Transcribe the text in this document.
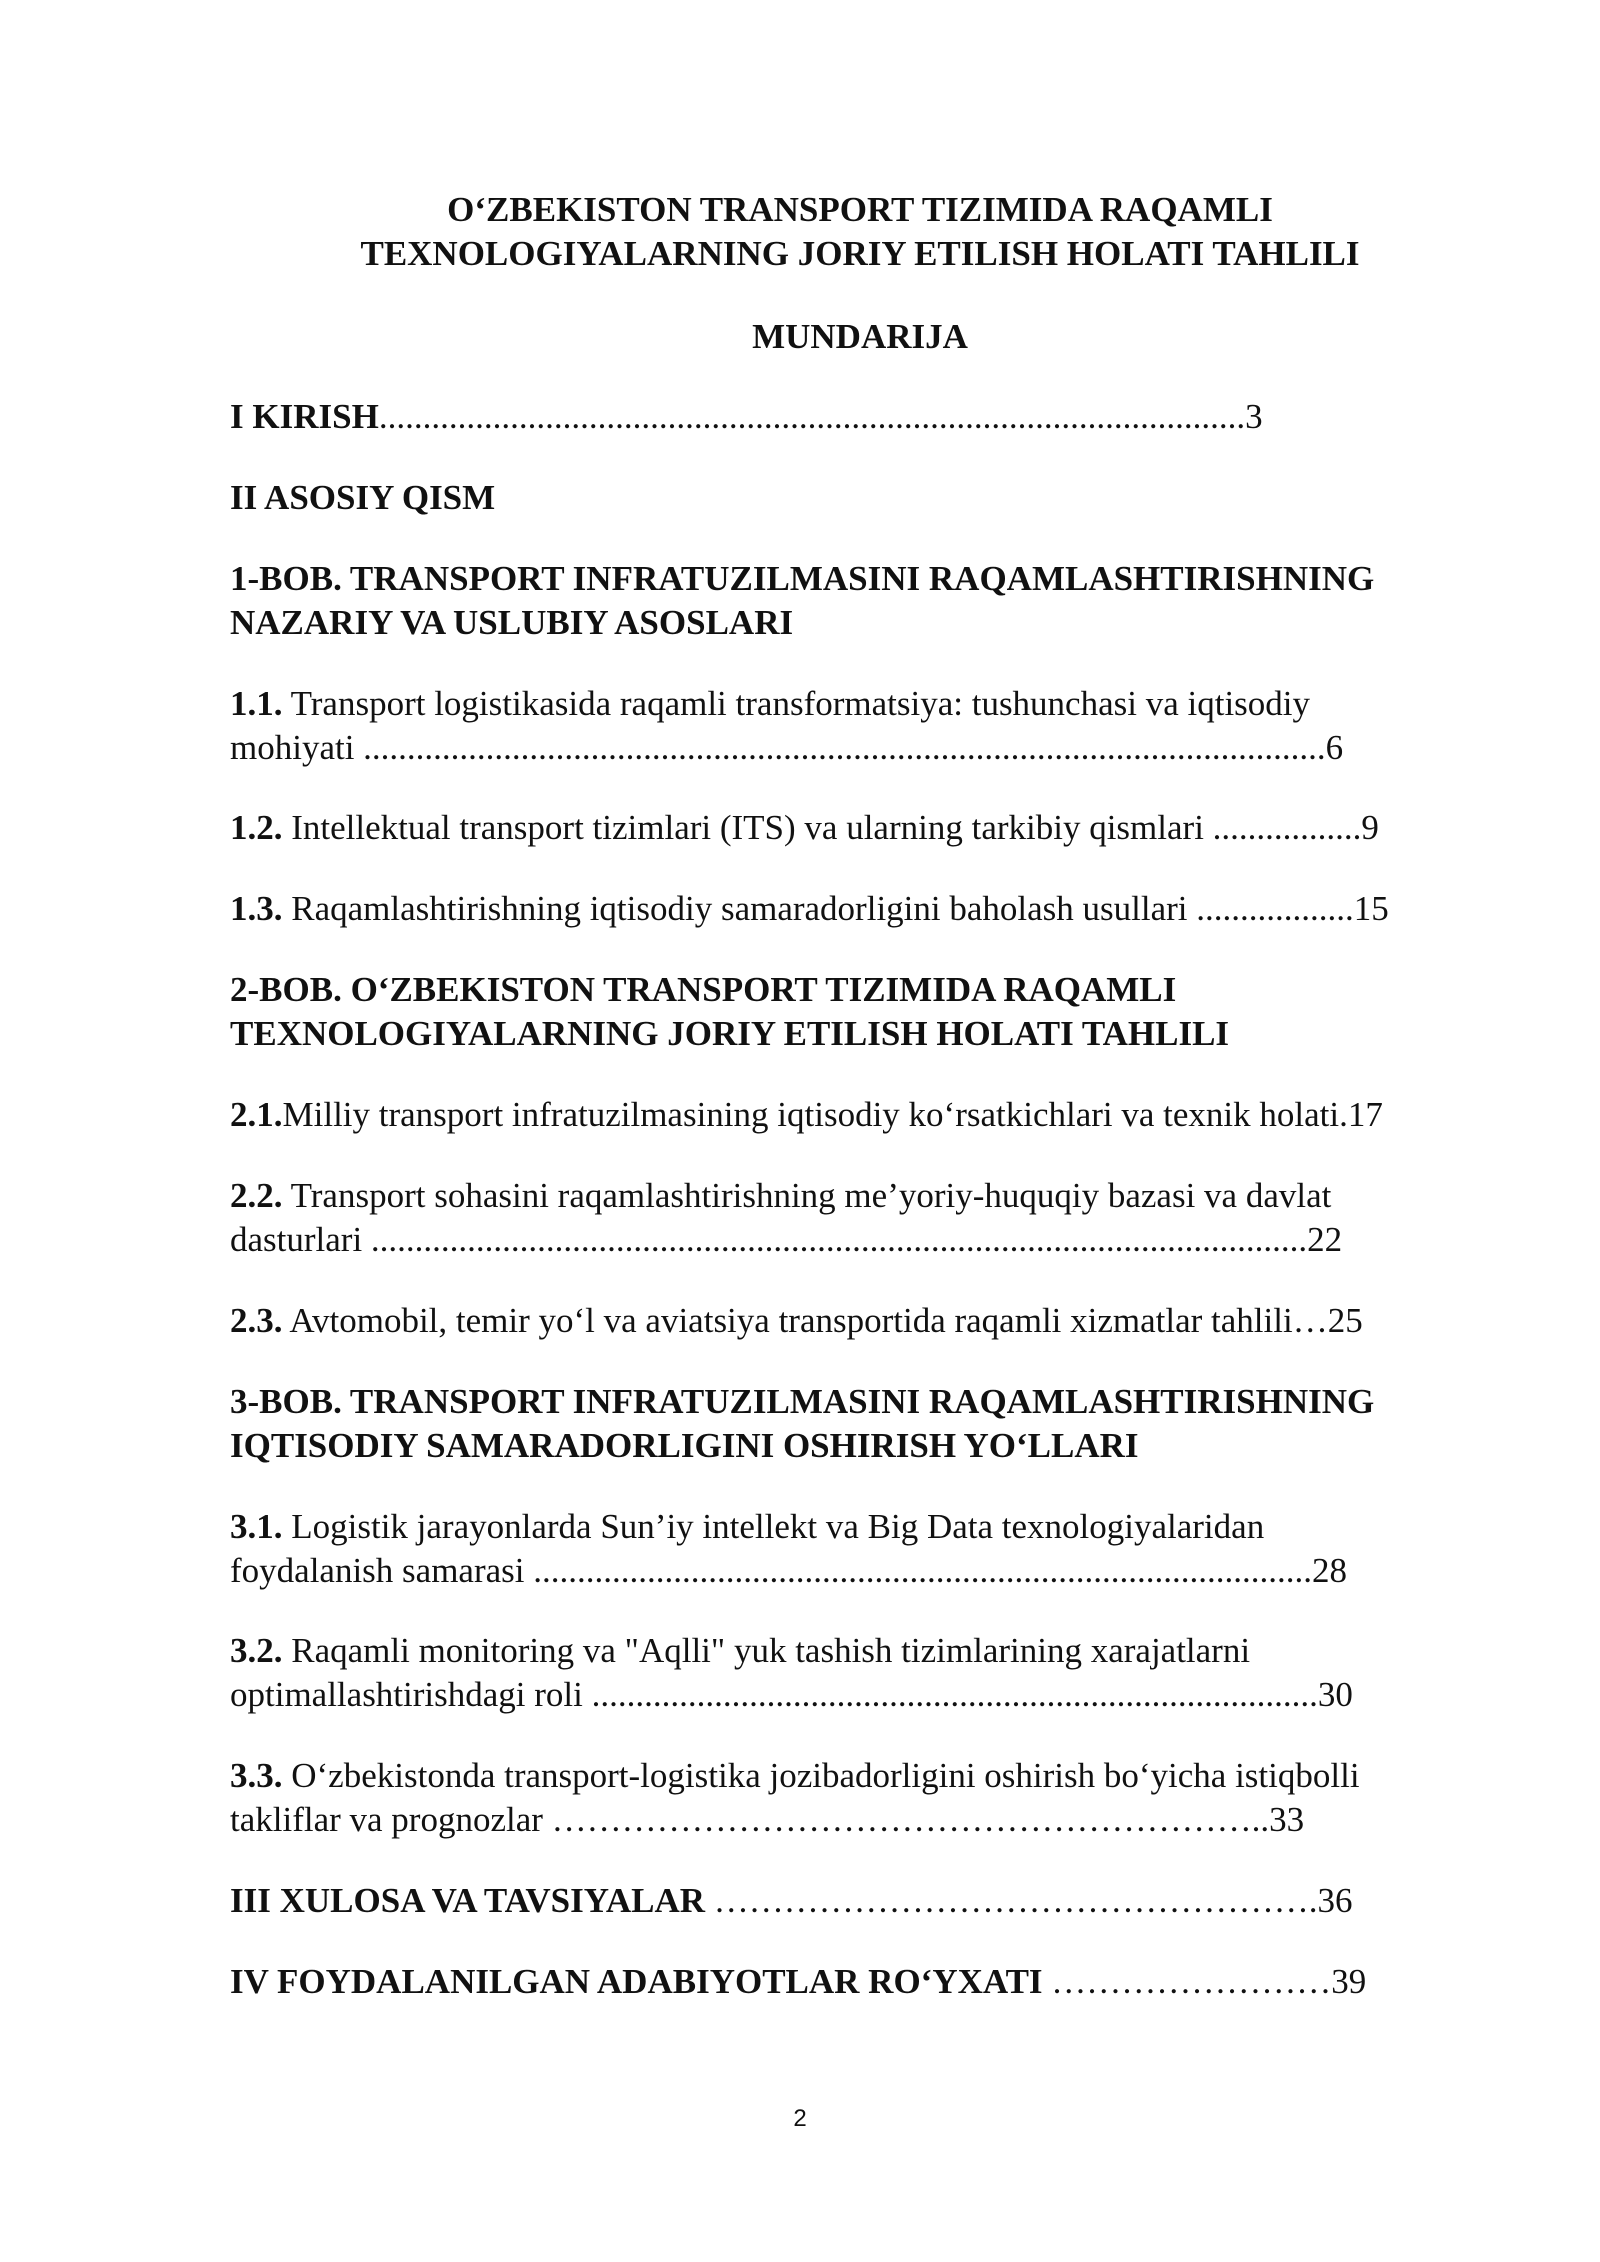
O‘ZBEKISTON TRANSPORT TIZIMIDA RAQAMLI
TEXNOLOGIYALARNING JORIY ETILISH HOLATI TAHLILI
MUNDARIJA
I KIRISH...................................................................................................3
II ASOSIY QISM
1-BOB. TRANSPORT INFRATUZILMASINI RAQAMLASHTIRISHNING
NAZARIY VA USLUBIY ASOSLARI
1.1. Transport logistikasida raqamli transformatsiya: tushunchasi va iqtisodiy
mohiyati ..............................................................................................................6
1.2. Intellektual transport tizimlari (ITS) va ularning tarkibiy qismlari .................9
1.3. Raqamlashtirishning iqtisodiy samaradorligini baholash usullari ..................15
2-BOB. O‘ZBEKISTON TRANSPORT TIZIMIDA RAQAMLI
TEXNOLOGIYALARNING JORIY ETILISH HOLATI TAHLILI
2.1.Milliy transport infratuzilmasining iqtisodiy ko‘rsatkichlari va texnik holati.17
2.2. Transport sohasini raqamlashtirishning me’yoriy-huquqiy bazasi va davlat
dasturlari ...........................................................................................................22
2.3. Avtomobil, temir yo‘l va aviatsiya transportida raqamli xizmatlar tahlili…25
3-BOB. TRANSPORT INFRATUZILMASINI RAQAMLASHTIRISHNING
IQTISODIY SAMARADORLIGINI OSHIRISH YO‘LLARI
3.1. Logistik jarayonlarda Sun’iy intellekt va Big Data texnologiyalaridan
foydalanish samarasi .........................................................................................28
3.2. Raqamli monitoring va "Aqlli" yuk tashish tizimlarining xarajatlarni
optimallashtirishdagi roli ...................................................................................30
3.3. O‘zbekistonda transport-logistika jozibadorligini oshirish bo‘yicha istiqbolli
takliflar va prognozlar ……………………………………………………..33
III XULOSA VA TAVSIYALAR …………………………………………….36
IV FOYDALANILGAN ADABIYOTLAR RO‘YXATI ……………………39
2
